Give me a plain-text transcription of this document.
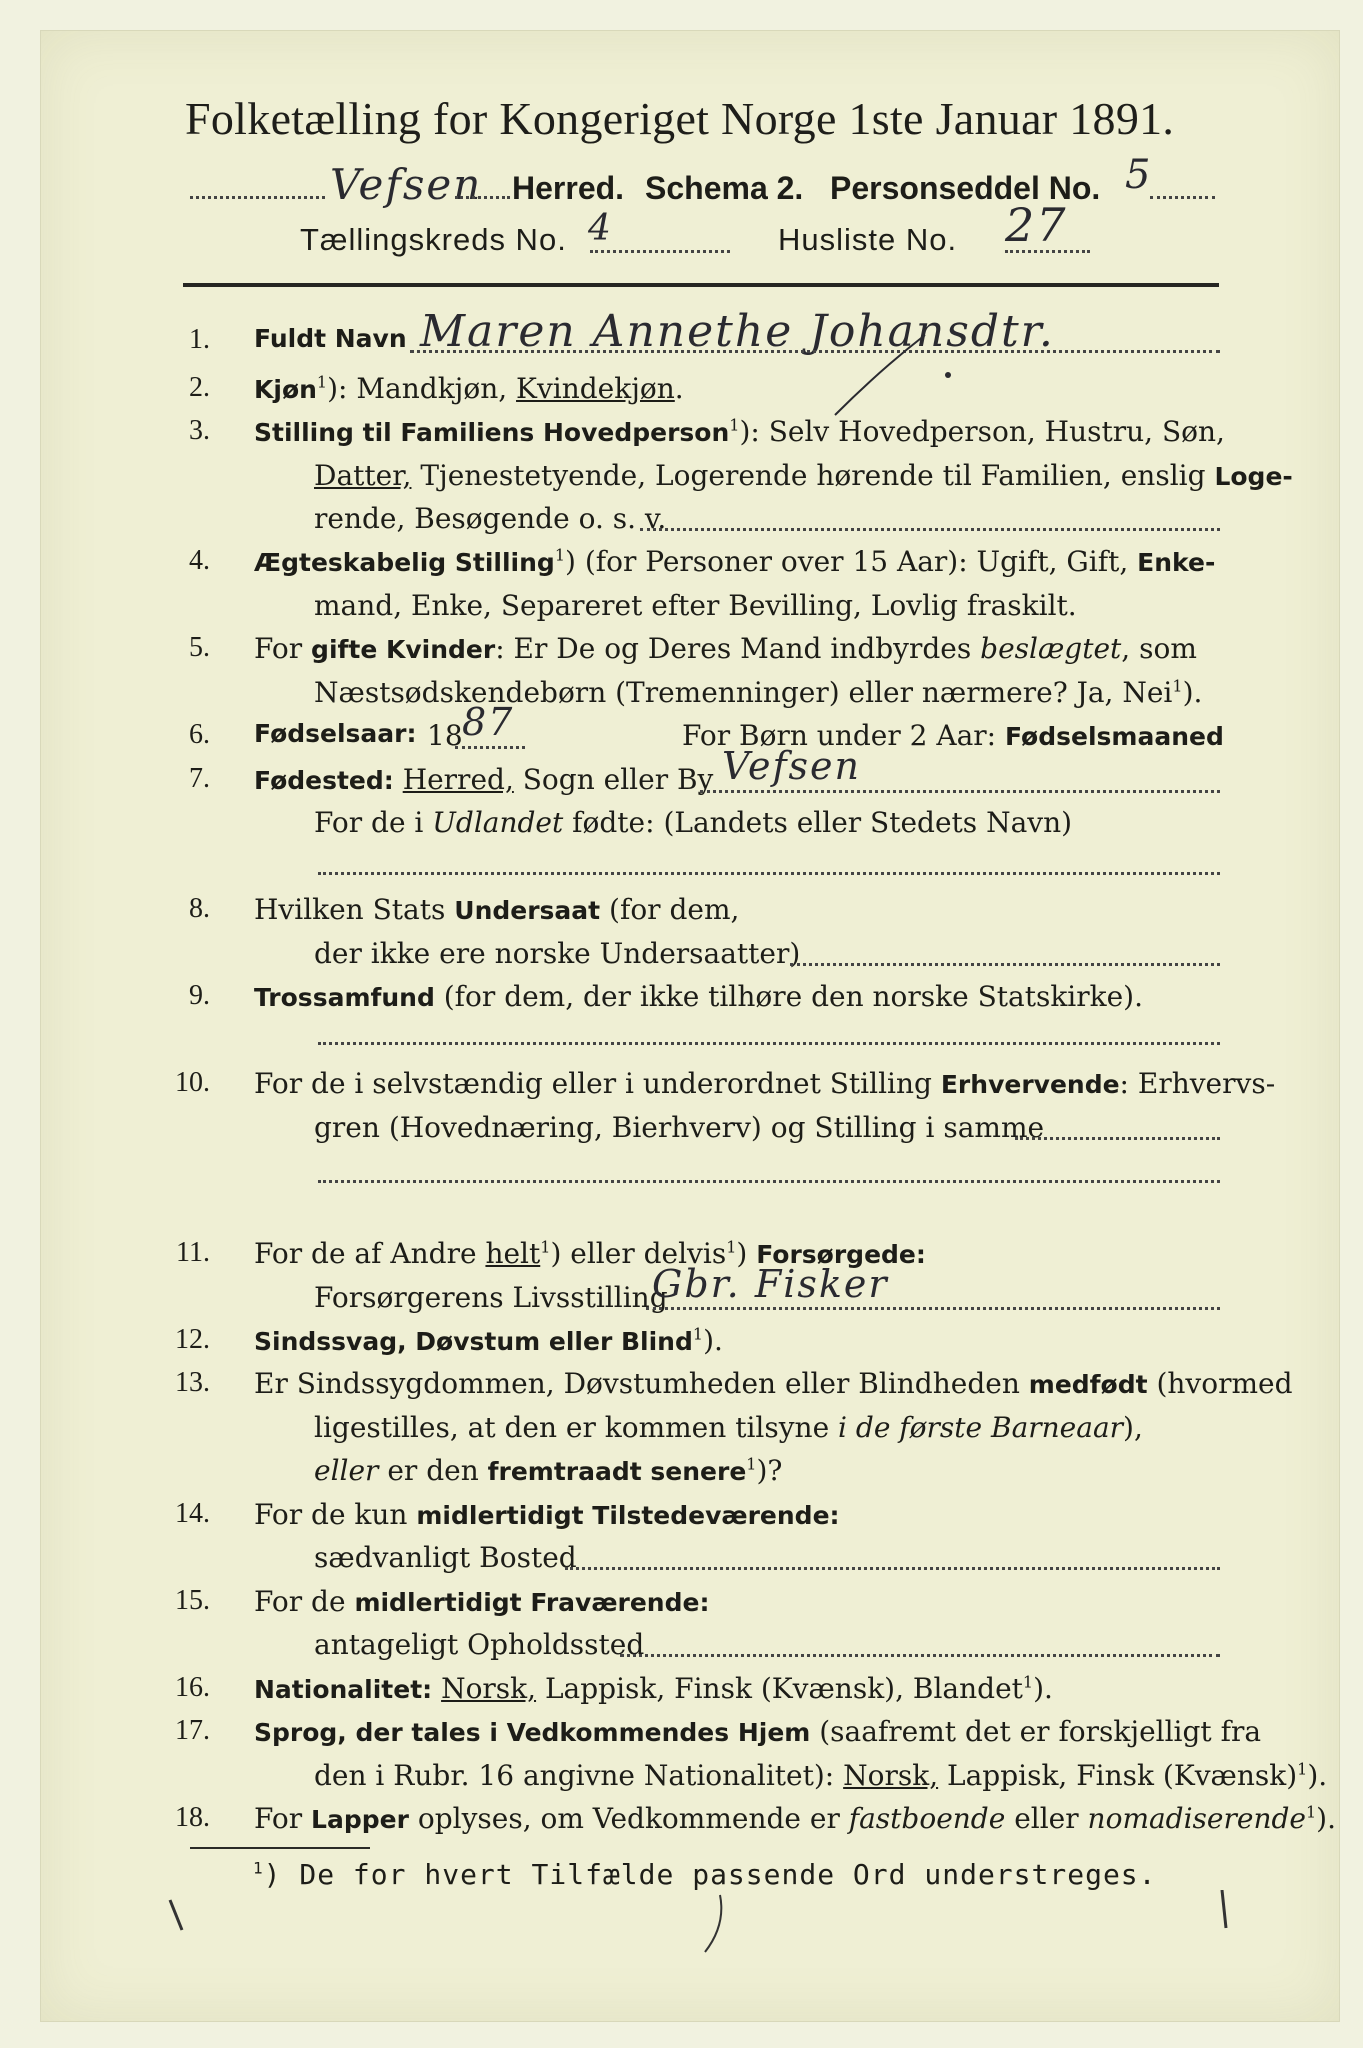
Folketælling for Kongeriget Norge 1ste Januar 1891.
Vefsen Herred. Schema 2. Personseddel No. 5
Tællingskreds No. 4	Husliste No. 27
1. Fuldt Navn Maren Annethe Johansdtr.
2. Kjøn$^1$): Mandkjøn, Kvindekjøn.
3. Stilling til Familiens Hovedperson$^1$): Selv Hovedperson, Hustru, Søn,
Datter, Tjenestetyende, Logerende hørende til Familien, enslig Loge-
rende, Besøgende o. s. v.
4. Ægteskabelig Stilling$^1$) (for Personer over 15 Aar): Ugift, Gift, Enke-
mand, Enke, Separeret efter Bevilling, Lovlig fraskilt.
5. For gifte Kvinder: Er De og Deres Mand indbyrdes beslægtet, som
Næstsødskendebørn (Tremenninger) eller nærmere? Ja, Nei$^1$).
6. Fødselsaar: 18	For Børn under 2 Aar: Fødselsmaaned
87
7. Fødested: Herred, Sogn eller By Vefsen
For de i Udlandet fødte: (Landets eller Stedets Navn)
8. Hvilken Stats Undersaat (for dem,
der ikke ere norske Undersaatter)
9. Trossamfund (for dem, der ikke tilhøre den norske Statskirke).
10. For de i selvstændig eller i underordnet Stilling Erhvervende: Erhvervs-
gren (Hovednæring, Bierhverv) og Stilling i samme
11. For de af Andre helt$^1$) eller delvis$^1$) Forsørgede:
Forsørgerens Livsstilling
Gbr. Fisker
12. Sindssvag, Døvstum eller Blind$^1$).
13. Er Sindssygdommen, Døvstumheden eller Blindheden medfødt (hvormed
ligestilles, at den er kommen tilsyne i de første Barneaar),
eller er den fremtraadt senere$^1$)?
14. For de kun midlertidigt Tilstedeværende:
sædvanligt Bosted
15. For de midlertidigt Fraværende:
antageligt Opholdssted
16. Nationalitet: Norsk, Lappisk, Finsk (Kvænsk), Blandet$^1$).
17. Sprog, der tales i Vedkommendes Hjem (saafremt det er forskjelligt fra
den i Rubr. 16 angivne Nationalitet): Norsk, Lappisk, Finsk (Kvænsk)$^1$).
18. For Lapper oplyses, om Vedkommende er fastboende eller nomadiserende$^1$).
$^1$) De for hvert Tilfælde passende Ord understreges.
